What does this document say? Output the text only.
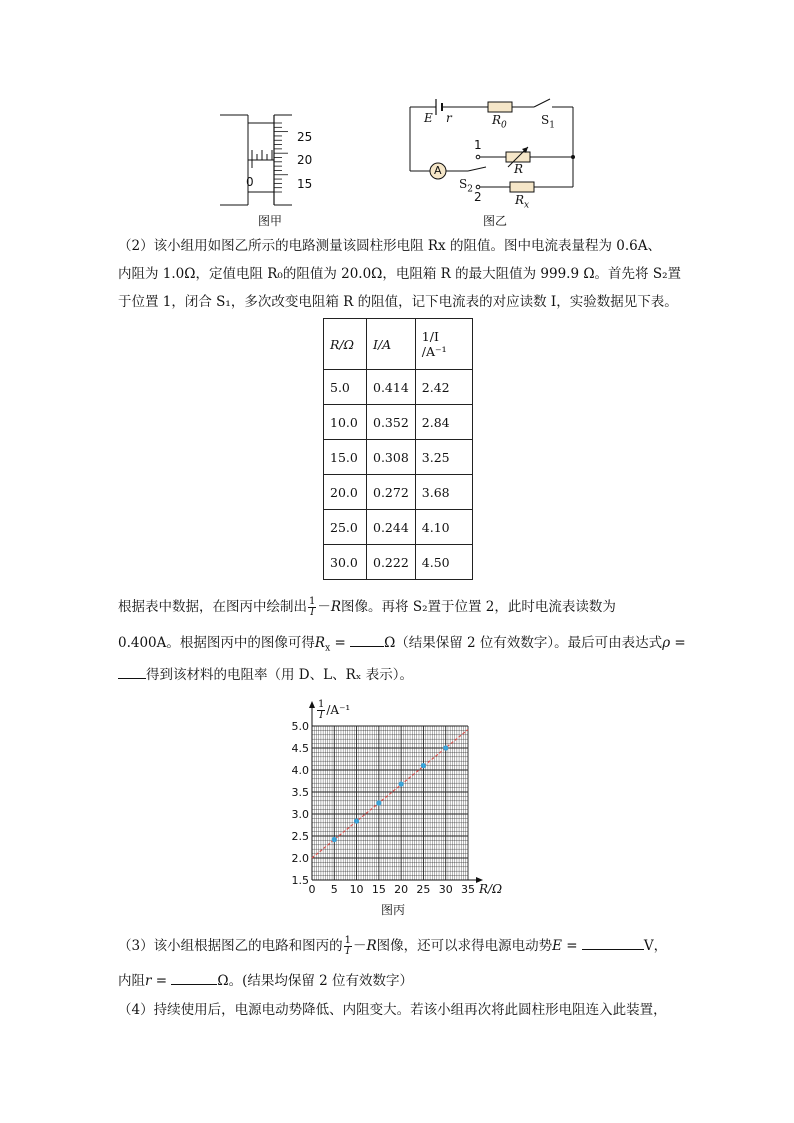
25
20
15
0
图甲
E r	$R_0$	$S_1$
1
R
A
$S_2$
2	$R_x$
图乙
（2）该小组用如图乙所示的电路测量该圆柱形电阻 Rx 的阻值。图中电流表量程为 0.6A、
内阻为 1.0Ω，定值电阻 R₀的阻值为 20.0Ω，电阻箱 R 的最大阻值为 999.9 Ω。首先将 S₂置
于位置 1，闭合 S₁，多次改变电阻箱 R 的阻值，记下电流表的对应读数 I，实验数据见下表。
R/Ω	I/A	1/I /A⁻¹
5.0	0.414	2.42
10.0	0.352	2.84
15.0	0.308	3.25
20.0	0.272	3.68
25.0	0.244	4.10
30.0	0.222	4.50
根据表中数据，在图丙中绘制出 $\frac{1}{I} -R$图像。再将 S₂置于位置 2，此时电流表读数为
0.400A。根据图丙中的图像可得$R_x$ =	Ω（结果保留 2 位有效数字）。最后可由表达式ρ =
得到该材料的电阻率（用 D、L、Rₓ 表示）。
1.5
2.0
2.5
3.0
3.5
4.0
4.5
5.0
0 5 10 15 20 25 30 35
$\frac{1}{I} /A^{-1}$
R/Ω
图丙
（3）该小组根据图乙的电路和图丙的 $\frac{1}{I} -R$图像，还可以求得电源电动势E =	V，
内阻r =	Ω。(结果均保留 2 位有效数字）
（4）持续使用后，电源电动势降低、内阻变大。若该小组再次将此圆柱形电阻连入此装置，
